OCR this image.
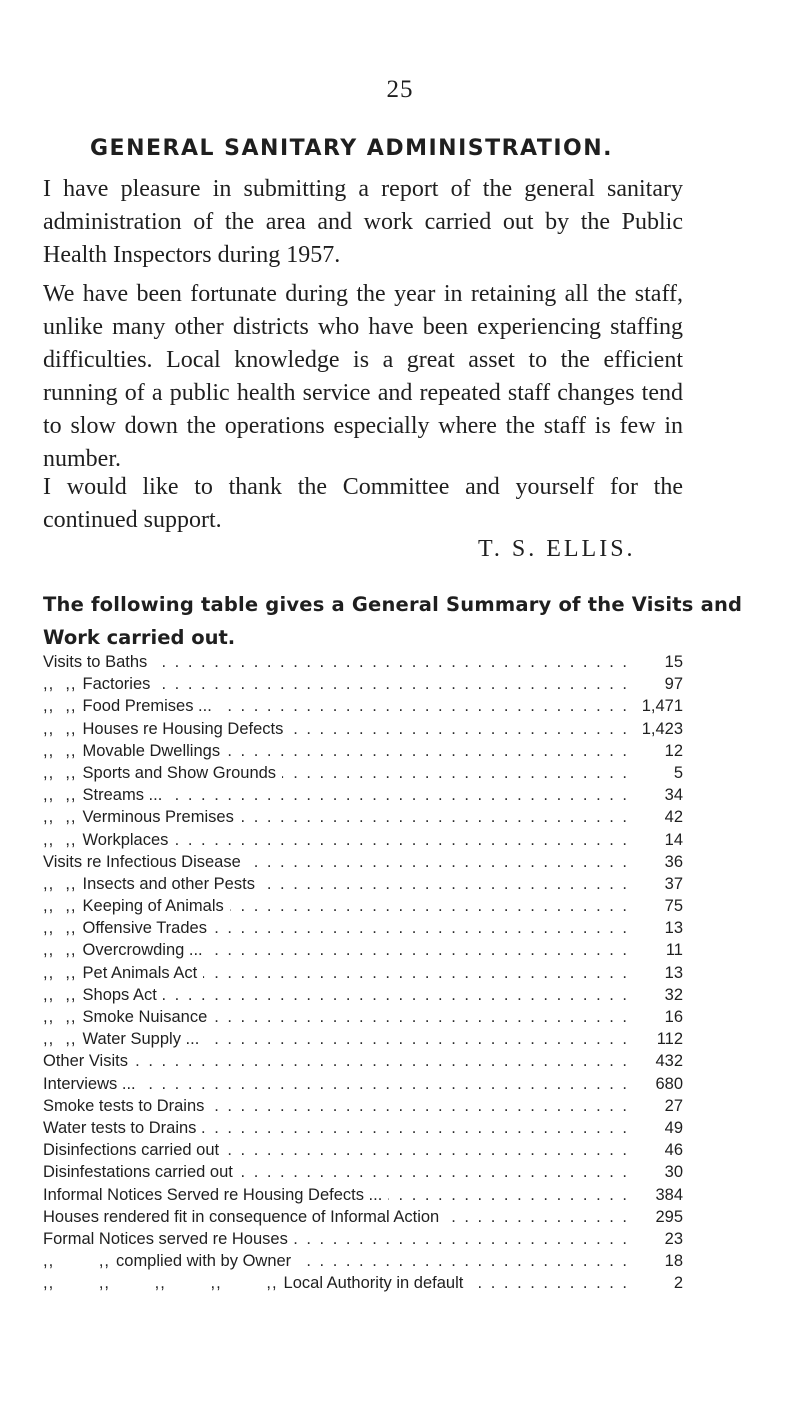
25
GENERAL SANITARY ADMINISTRATION.

I have pleasure in submitting a report of the general sanitary administration of the area and work carried out by the Public Health Inspectors during 1957.

We have been fortunate during the year in retaining all the staff, unlike many other districts who have been experiencing staffing difficulties. Local knowledge is a great asset to the efficient running of a public health service and repeated staff changes tend to slow down the operations especially where the staff is few in number.

I would like to thank the Committee and yourself for the continued support.

T. S. ELLIS.

The following table gives a General Summary of the Visits and
Work carried out.

. . .
Visits to Baths	15
. . .
,,  ,, Factories	97
. . .
,,  ,, Food Premises ...	1,471
. . .
,,  ,, Houses re Housing Defects	1,423
. . .
,,  ,, Movable Dwellings	12
. . .
,,  ,, Sports and Show Grounds	5
. . .
,,  ,, Streams ...	34
. . .
,,  ,, Verminous Premises	42
. . .
,,  ,, Workplaces	14
. . .
Visits re Infectious Disease	36
. . .
,,  ,, Insects and other Pests	37
. . .
,,  ,, Keeping of Animals	75
. . .
,,  ,, Offensive Trades	13
. . .
,,  ,, Overcrowding ...	11
. . .
,,  ,, Pet Animals Act	13
. . .
,,  ,, Shops Act	32
. . .
,,  ,, Smoke Nuisance	16
. . .
,,  ,, Water Supply ...	112
. . .
Other Visits	432
. . .
Interviews ...	680
. . .
Smoke tests to Drains	27
. . .
Water tests to Drains	49
. . .
Disinfections carried out	46
. . .
Disinfestations carried out	30
. . .
Informal Notices Served re Housing Defects ...	384
. . .
Houses rendered fit in consequence of Informal Action	295
. . .
Formal Notices served re Houses	23
. . .
,,        ,, complied with by Owner	18
. . .
,,        ,,        ,,        ,,        ,, Local Authority in default	2
